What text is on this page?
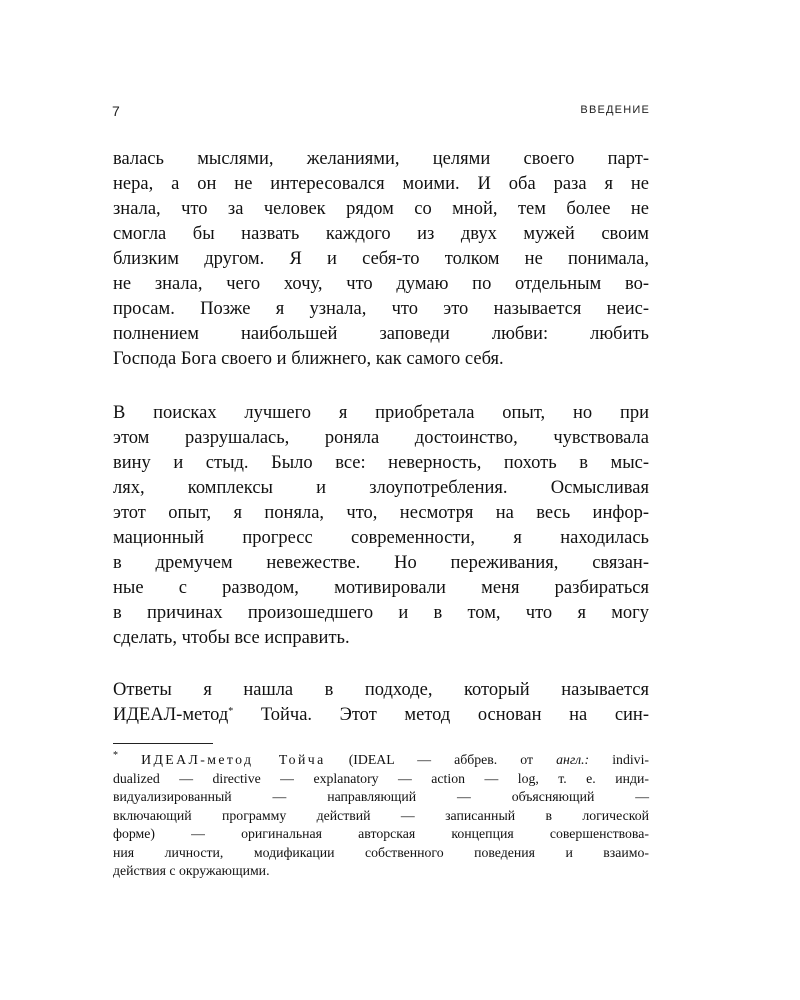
7	ВВЕДЕНИЕ
валась мыслями, желаниями, целями своего парт-
нера, а он не интересовался моими. И оба раза я не
знала, что за человек рядом со мной, тем более не
смогла бы назвать каждого из двух мужей своим
близким другом. Я и себя-то толком не понимала,
не знала, чего хочу, что думаю по отдельным во-
просам. Позже я узнала, что это называется неис-
полнением наибольшей заповеди любви: любить
Господа Бога своего и ближнего, как самого себя.
В поисках лучшего я приобретала опыт, но при
этом разрушалась, роняла достоинство, чувствовала
вину и стыд. Было все: неверность, похоть в мыс-
лях, комплексы и злоупотребления. Осмысливая
этот опыт, я поняла, что, несмотря на весь инфор-
мационный прогресс современности, я находилась
в дремучем невежестве. Но переживания, связан-
ные с разводом, мотивировали меня разбираться
в причинах произошедшего и в том, что я могу
сделать, чтобы все исправить.
Ответы я нашла в подходе, который называется
ИДЕАЛ-метод* Тойча. Этот метод основан на син-
* ИДЕАЛ-метод Тойча (IDEAL — аббрев. от англ.: indivi-
dualized — directive — explanatory — action — log, т. е. инди-
видуализированный — направляющий — объясняющий —
включающий программу действий — записанный в логической
форме) — оригинальная авторская концепция совершенствова-
ния личности, модификации собственного поведения и взаимо-
действия с окружающими.
